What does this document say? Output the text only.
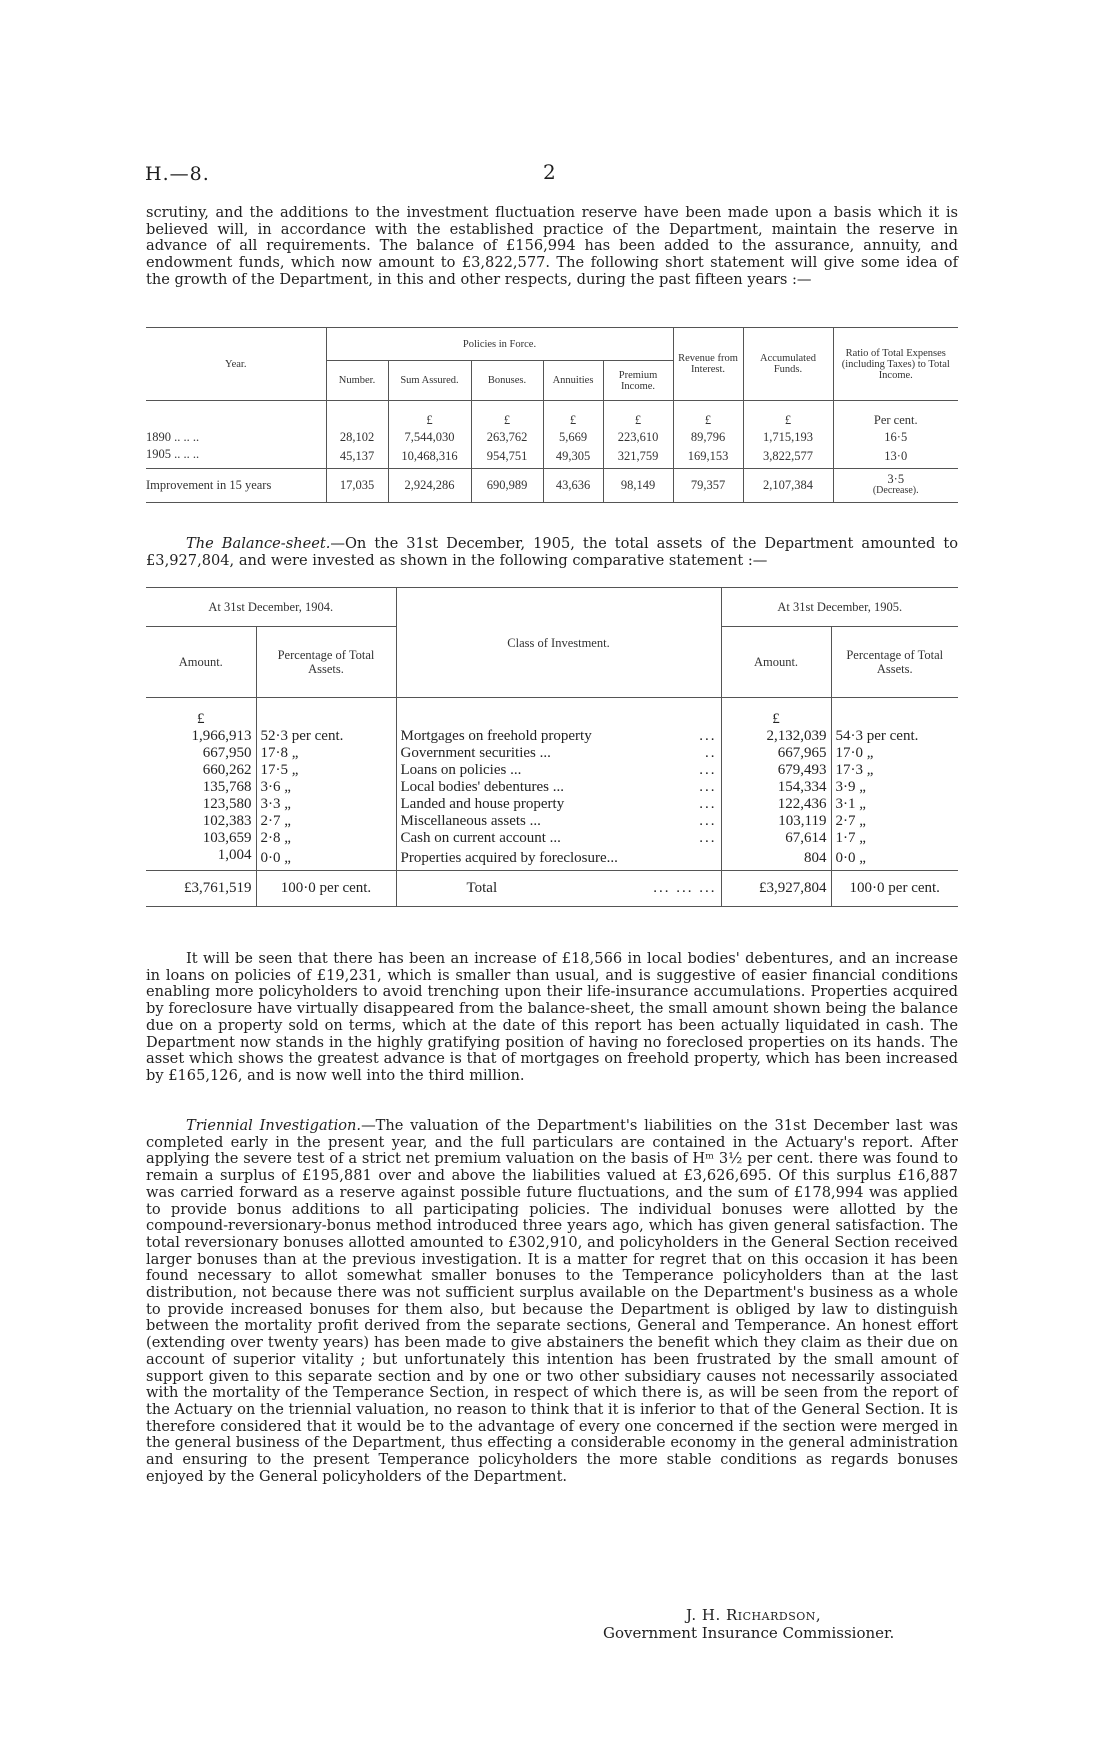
H.—8.	2

scrutiny, and the additions to the investment fluctuation reserve have been made upon a basis which it is believed will, in accordance with the established practice of the Department, maintain the reserve in advance of all requirements. The balance of £156,994 has been added to the assurance, annuity, and endowment funds, which now amount to £3,822,577. The following short statement will give some idea of the growth of the Department, in this and other respects, during the past fifteen years :—

Year.	Policies in Force.					Revenue from Interest.	Accumulated Funds.	Ratio of Total Expenses (including Taxes) to Total Income.
	Number.	Sum Assured.	Bonuses.	Annuities	Premium Income.			
		£	£	£	£	£	£	Per cent.
1890 .. .. ..	28,102	7,544,030	263,762	5,669	223,610	89,796	1,715,193	16·5
1905 .. .. ..	45,137	10,468,316	954,751	49,305	321,759	169,153	3,822,577	13·0
Improvement in 15 years	17,035	2,924,286	690,989	43,636	98,149	79,357	2,107,384	3·5
(Decrease).
The Balance-sheet.—On the 31st December, 1905, the total assets of the Department amounted to £3,927,804, and were invested as shown in the following comparative statement :—
At 31st December, 1904.		Class of Investment.	At 31st December, 1905.	
Amount.	Percentage of Total Assets.		Amount.	Percentage of Total Assets.
£			£	
1,966,913	52·3 per cent.	Mortgages on freehold property ...	2,132,039	54·3 per cent.
667,950	17·8 „	Government securities ... ..	667,965	17·0 „
660,262	17·5 „	Loans on policies ... ...	679,493	17·3 „
135,768	3·6 „	Local bodies' debentures ... ...	154,334	3·9 „
123,580	3·3 „	Landed and house property ...	122,436	3·1 „
102,383	2·7 „	Miscellaneous assets ... ...	103,119	2·7 „
103,659	2·8 „	Cash on current account ... ...	67,614	1·7 „
1,004	0·0 „	Properties acquired by foreclosure...	804	0·0 „
£3,761,519	100·0 per cent.	Total ... ... ...	£3,927,804	100·0 per cent.
It will be seen that there has been an increase of £18,566 in local bodies' debentures, and an increase in loans on policies of £19,231, which is smaller than usual, and is suggestive of easier financial conditions enabling more policyholders to avoid trenching upon their life-insurance accumulations. Properties acquired by foreclosure have virtually disappeared from the balance-sheet, the small amount shown being the balance due on a property sold on terms, which at the date of this report has been actually liquidated in cash. The Department now stands in the highly gratifying position of having no foreclosed properties on its hands. The asset which shows the greatest advance is that of mortgages on freehold property, which has been increased by £165,126, and is now well into the third million.
Triennial Investigation.—The valuation of the Department's liabilities on the 31st December last was completed early in the present year, and the full particulars are contained in the Actuary's report. After applying the severe test of a strict net premium valuation on the basis of Hᵐ 3½ per cent. there was found to remain a surplus of £195,881 over and above the liabilities valued at £3,626,695. Of this surplus £16,887 was carried forward as a reserve against possible future fluctuations, and the sum of £178,994 was applied to provide bonus additions to all participating policies. The individual bonuses were allotted by the compound-reversionary-bonus method introduced three years ago, which has given general satisfaction. The total reversionary bonuses allotted amounted to £302,910, and policyholders in the General Section received larger bonuses than at the previous investigation. It is a matter for regret that on this occasion it has been found necessary to allot somewhat smaller bonuses to the Temperance policyholders than at the last distribution, not because there was not sufficient surplus available on the Department's business as a whole to provide increased bonuses for them also, but because the Department is obliged by law to distinguish between the mortality profit derived from the separate sections, General and Temperance. An honest effort (extending over twenty years) has been made to give abstainers the benefit which they claim as their due on account of superior vitality ; but unfortunately this intention has been frustrated by the small amount of support given to this separate section and by one or two other subsidiary causes not necessarily associated with the mortality of the Temperance Section, in respect of which there is, as will be seen from the report of the Actuary on the triennial valuation, no reason to think that it is inferior to that of the General Section. It is therefore considered that it would be to the advantage of every one concerned if the section were merged in the general business of the Department, thus effecting a considerable economy in the general administration and ensuring to the present Temperance policyholders the more stable conditions as regards bonuses enjoyed by the General policyholders of the Department.
J. H. Richardson,
Government Insurance Commissioner.
